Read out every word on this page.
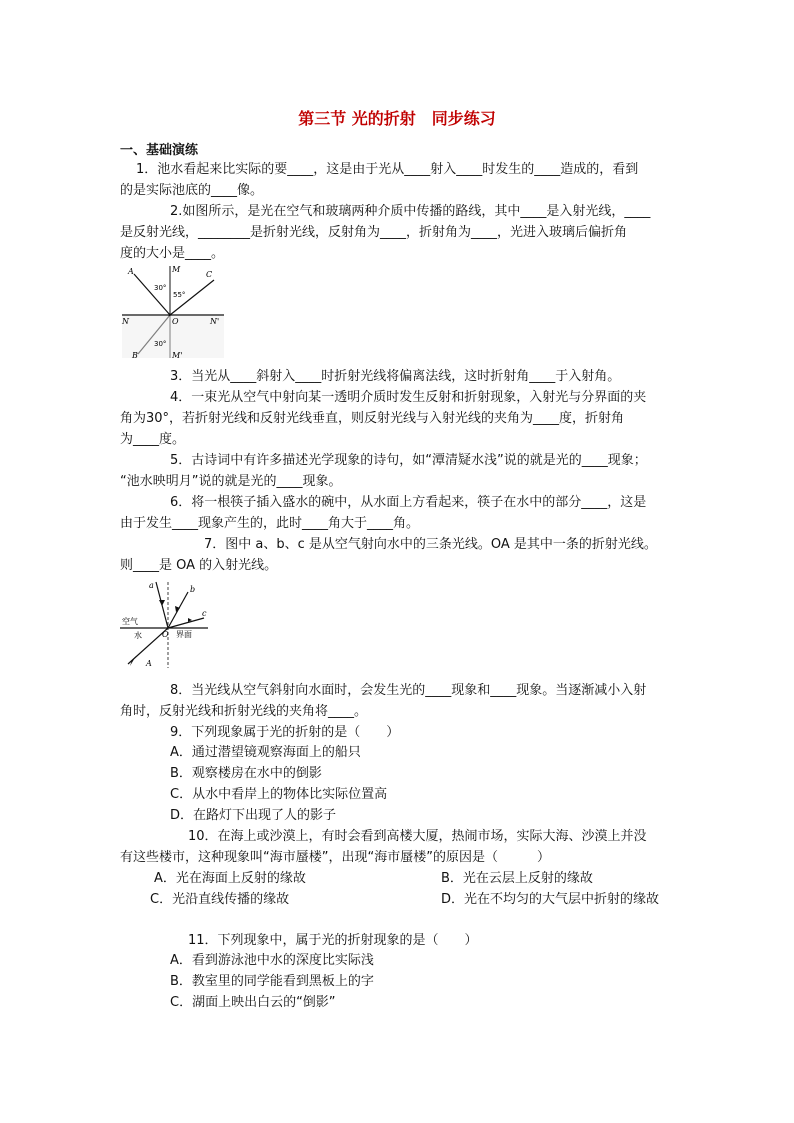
第三节 光的折射　同步练习
一、基础演练
1．池水看起来比实际的要____，这是由于光从____射入____时发生的____造成的，看到
的是实际池底的____像。
2.如图所示，是光在空气和玻璃两种介质中传播的路线，其中____是入射光线，____
是反射光线，________是折射光线，反射角为____，折射角为____，光进入玻璃后偏折角
度的大小是____。
A	M
C
30°
55°
N	O	N'
30°
B	M'
3．当光从____斜射入____时折射光线将偏离法线，这时折射角____于入射角。
4．一束光从空气中射向某一透明介质时发生反射和折射现象，入射光与分界面的夹
角为30°，若折射光线和反射光线垂直，则反射光线与入射光线的夹角为____度，折射角
为____度。
5．古诗词中有许多描述光学现象的诗句，如“潭清疑水浅”说的就是光的____现象；
“池水映明月”说的就是光的____现象。
6．将一根筷子插入盛水的碗中，从水面上方看起来，筷子在水中的部分____，这是
由于发生____现象产生的，此时____角大于____角。
7．图中 a、b、c 是从空气射向水中的三条光线。OA 是其中一条的折射光线。
则____是 OA 的入射光线。
a	b
c
空气
水	O 界面
A
8．当光线从空气斜射向水面时，会发生光的____现象和____现象。当逐渐减小入射
角时，反射光线和折射光线的夹角将____。
9．下列现象属于光的折射的是（　　）
A．通过潜望镜观察海面上的船只
B．观察楼房在水中的倒影
C．从水中看岸上的物体比实际位置高
D．在路灯下出现了人的影子
10．在海上或沙漠上，有时会看到高楼大厦，热闹市场，实际大海、沙漠上并没
有这些楼市，这种现象叫“海市蜃楼”，出现“海市蜃楼”的原因是（　　　）
A．光在海面上反射的缘故	B．光在云层上反射的缘故
C．光沿直线传播的缘故	D．光在不均匀的大气层中折射的缘故
11．下列现象中，属于光的折射现象的是（　　）
A．看到游泳池中水的深度比实际浅
B．教室里的同学能看到黑板上的字
C．湖面上映出白云的“倒影”
